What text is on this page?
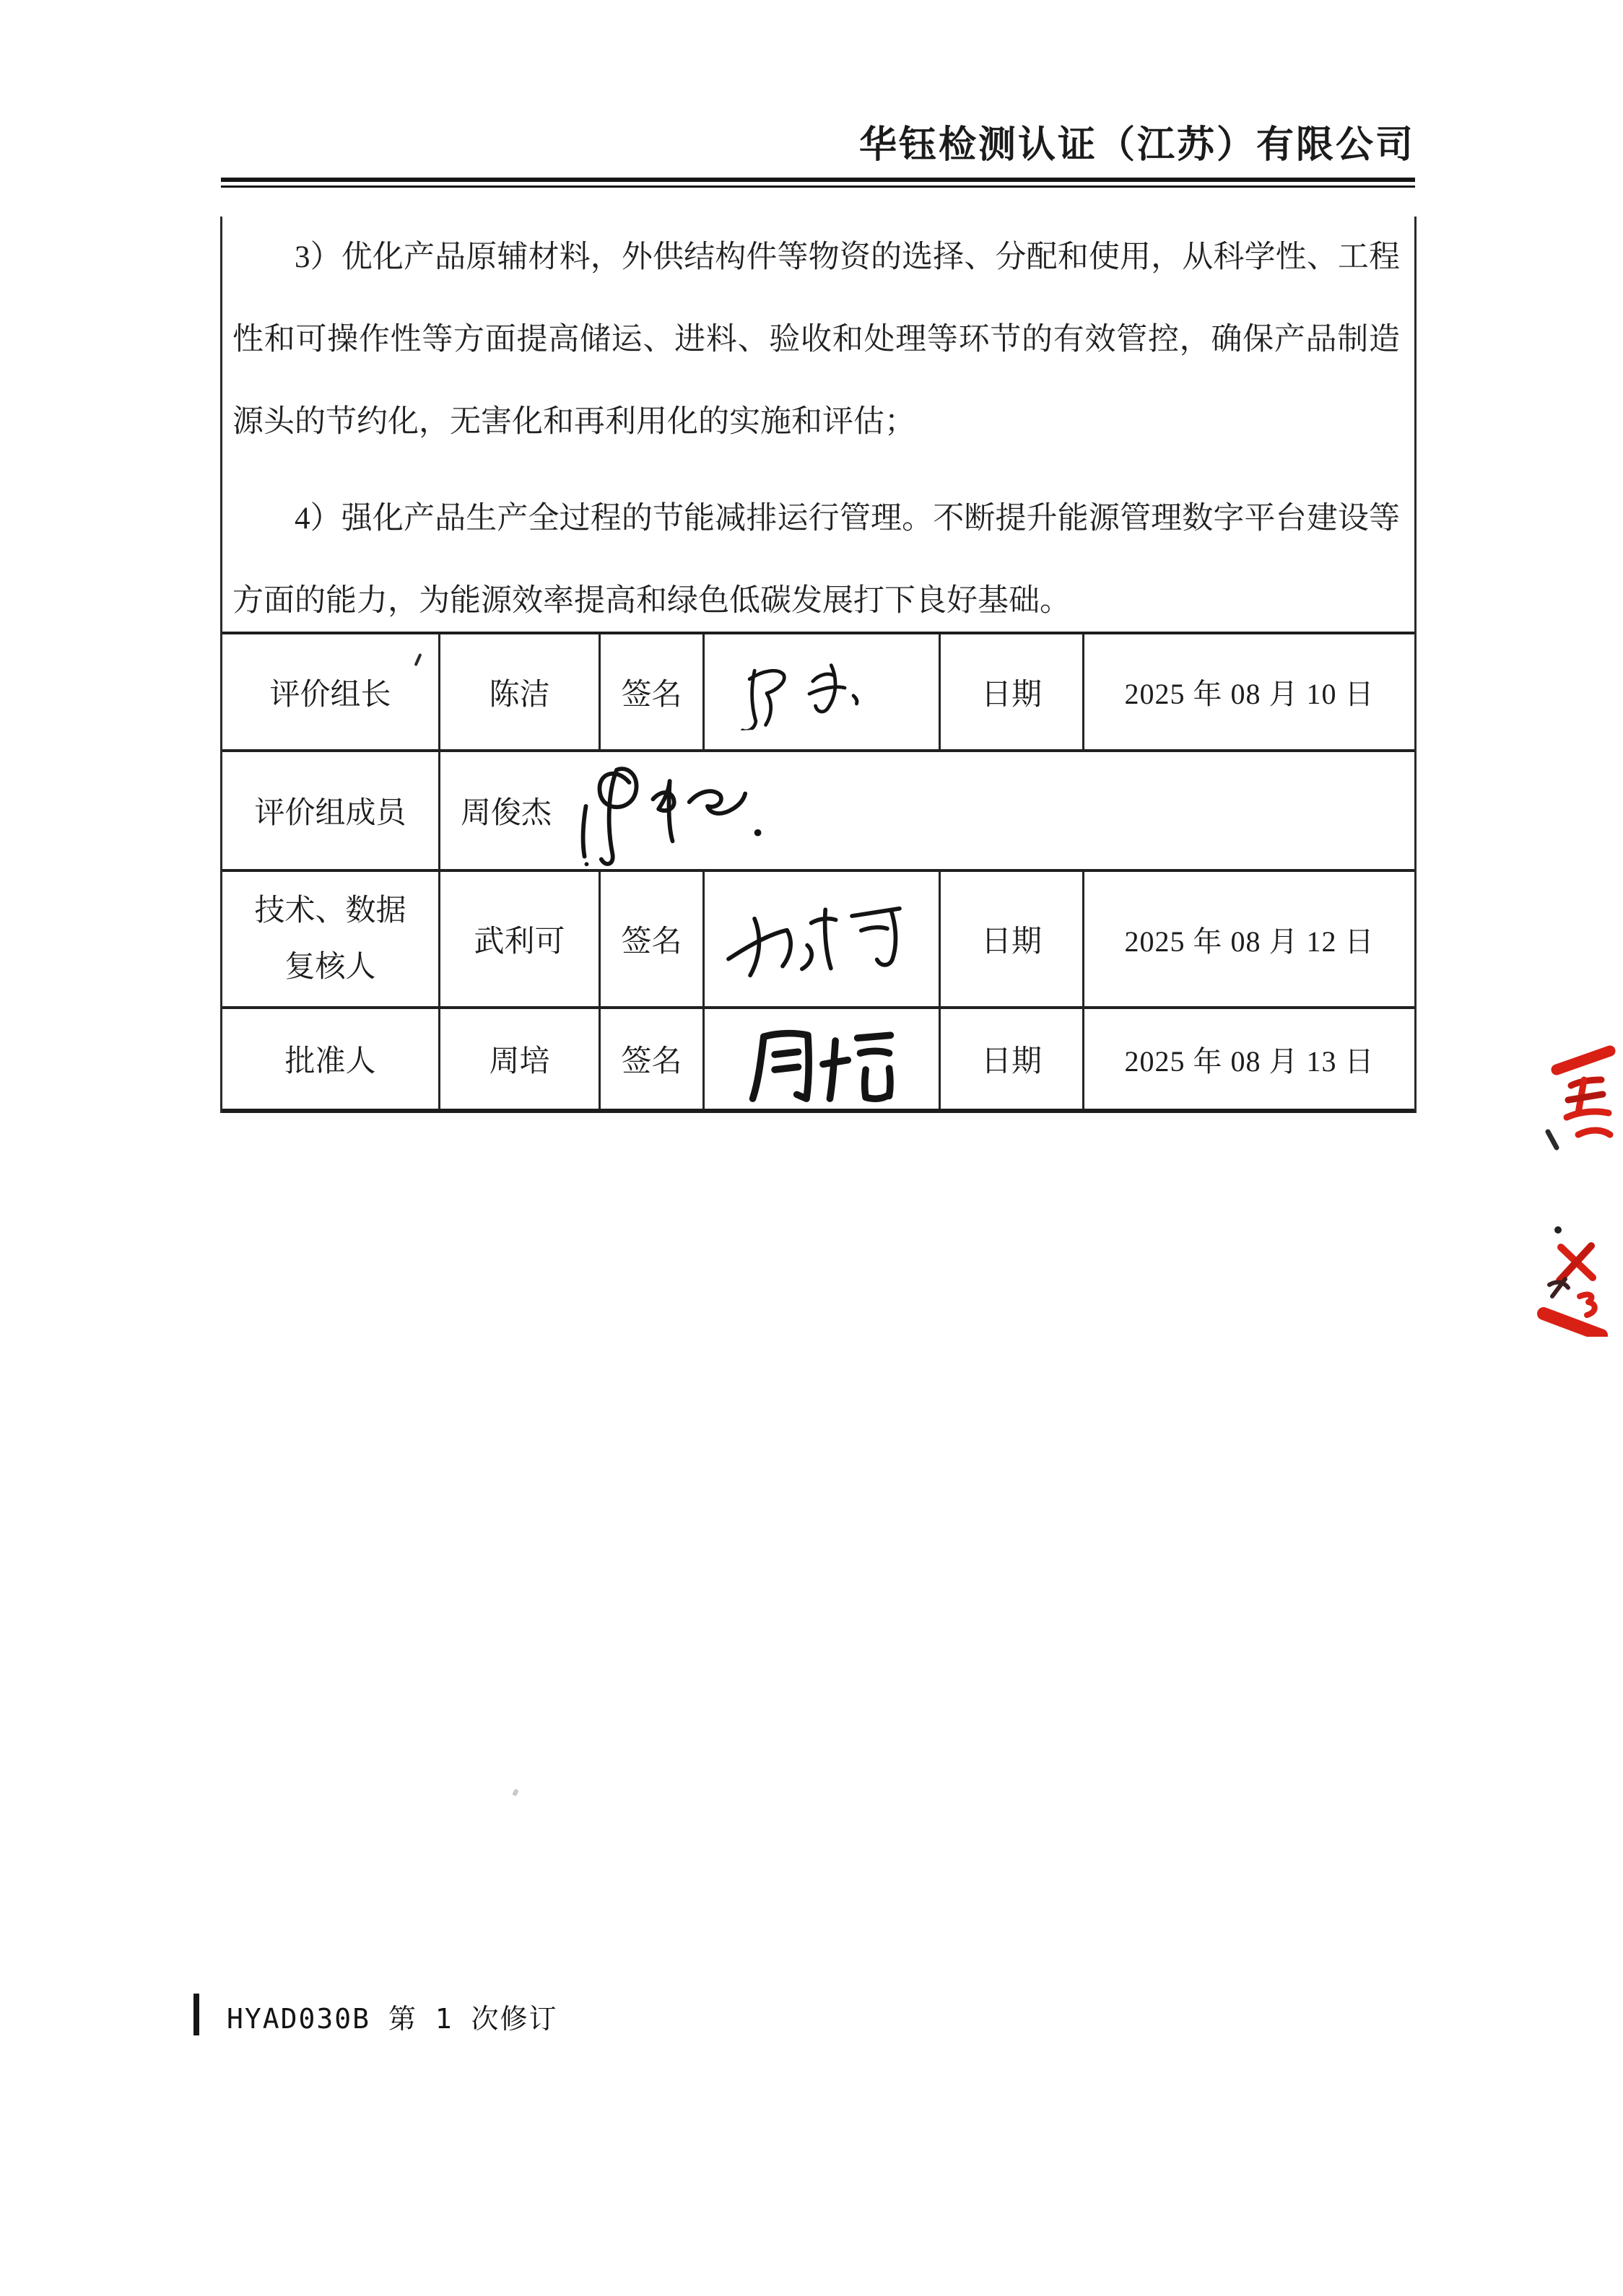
华钰检测认证（江苏）有限公司

3）优化产品原辅材料，外供结构件等物资的选择、分配和使用，从科学性、工程性和可操作性等方面提高储运、进料、验收和处理等环节的有效管控，确保产品制造源头的节约化，无害化和再利用化的实施和评估；

4）强化产品生产全过程的节能减排运行管理。不断提升能源管理数字平台建设等方面的能力，为能源效率提高和绿色低碳发展打下良好基础。

评价组长	陈洁 签名	日期	2025 年 08 月 10 日
评价组成员 周俊杰
技术、数据
复核人
武利可 签名	日期	2025 年 08 月 12 日
批准人	周培 签名	日期	2025 年 08 月 13 日
HYAD030B 第 1 次修订
